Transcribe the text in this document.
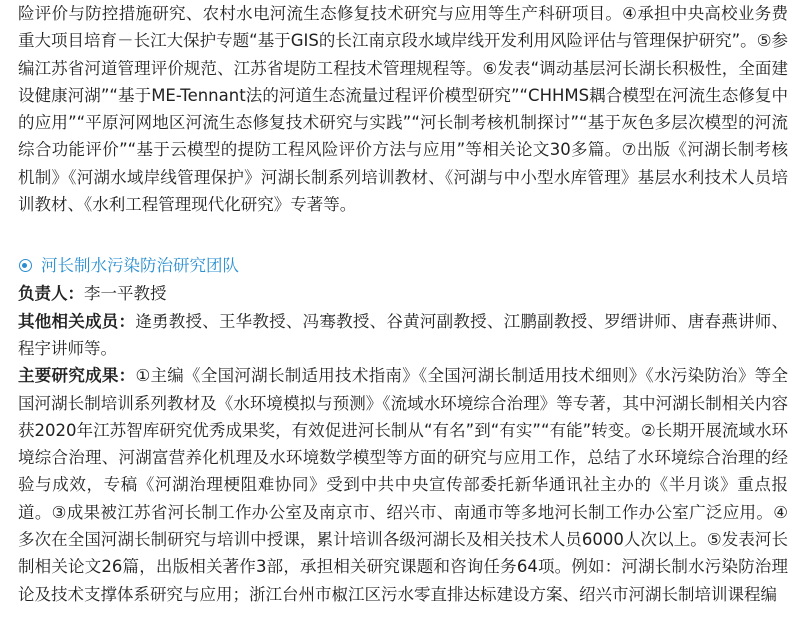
险评价与防控措施研究、农村水电河流生态修复技术研究与应用等生产科研项目。④承担中央高校业务费重大项目培育－长江大保护专题“基于GIS的长江南京段水域岸线开发利用风险评估与管理保护研究”。⑤参编江苏省河道管理评价规范、江苏省堤防工程技术管理规程等。⑥发表“调动基层河长湖长积极性，全面建设健康河湖”“基于ME-Tennant法的河道生态流量过程评价模型研究”“CHHMS耦合模型在河流生态修复中的应用”“平原河网地区河流生态修复技术研究与实践”“河长制考核机制探讨”“基于灰色多层次模型的河流综合功能评价”“基于云模型的提防工程风险评价方法与应用”等相关论文30多篇。⑦出版《河湖长制考核机制》《河湖水域岸线管理保护》河湖长制系列培训教材、《河湖与中小型水库管理》基层水利技术人员培训教材、《水利工程管理现代化研究》专著等。

河长制水污染防治研究团队

负责人：李一平教授

其他相关成员：逄勇教授、王华教授、冯骞教授、谷黄河副教授、江鹏副教授、罗缙讲师、唐春燕讲师、程宇讲师等。

主要研究成果：①主编《全国河湖长制适用技术指南》《全国河湖长制适用技术细则》《水污染防治》等全国河湖长制培训系列教材及《水环境模拟与预测》《流域水环境综合治理》等专著，其中河湖长制相关内容获2020年江苏智库研究优秀成果奖，有效促进河长制从“有名”到“有实”“有能”转变。②长期开展流域水环境综合治理、河湖富营养化机理及水环境数学模型等方面的研究与应用工作，总结了水环境综合治理的经验与成效，专稿《河湖治理梗阻难协同》受到中共中央宣传部委托新华通讯社主办的《半月谈》重点报道。③成果被江苏省河长制工作办公室及南京市、绍兴市、南通市等多地河长制工作办公室广泛应用。④多次在全国河湖长制研究与培训中授课，累计培训各级河湖长及相关技术人员6000人次以上。⑤发表河长制相关论文26篇，出版相关著作3部，承担相关研究课题和咨询任务64项。例如：河湖长制水污染防治理论及技术支撑体系研究与应用；浙江台州市椒江区污水零直排达标建设方案、绍兴市河湖长制培训课程编
